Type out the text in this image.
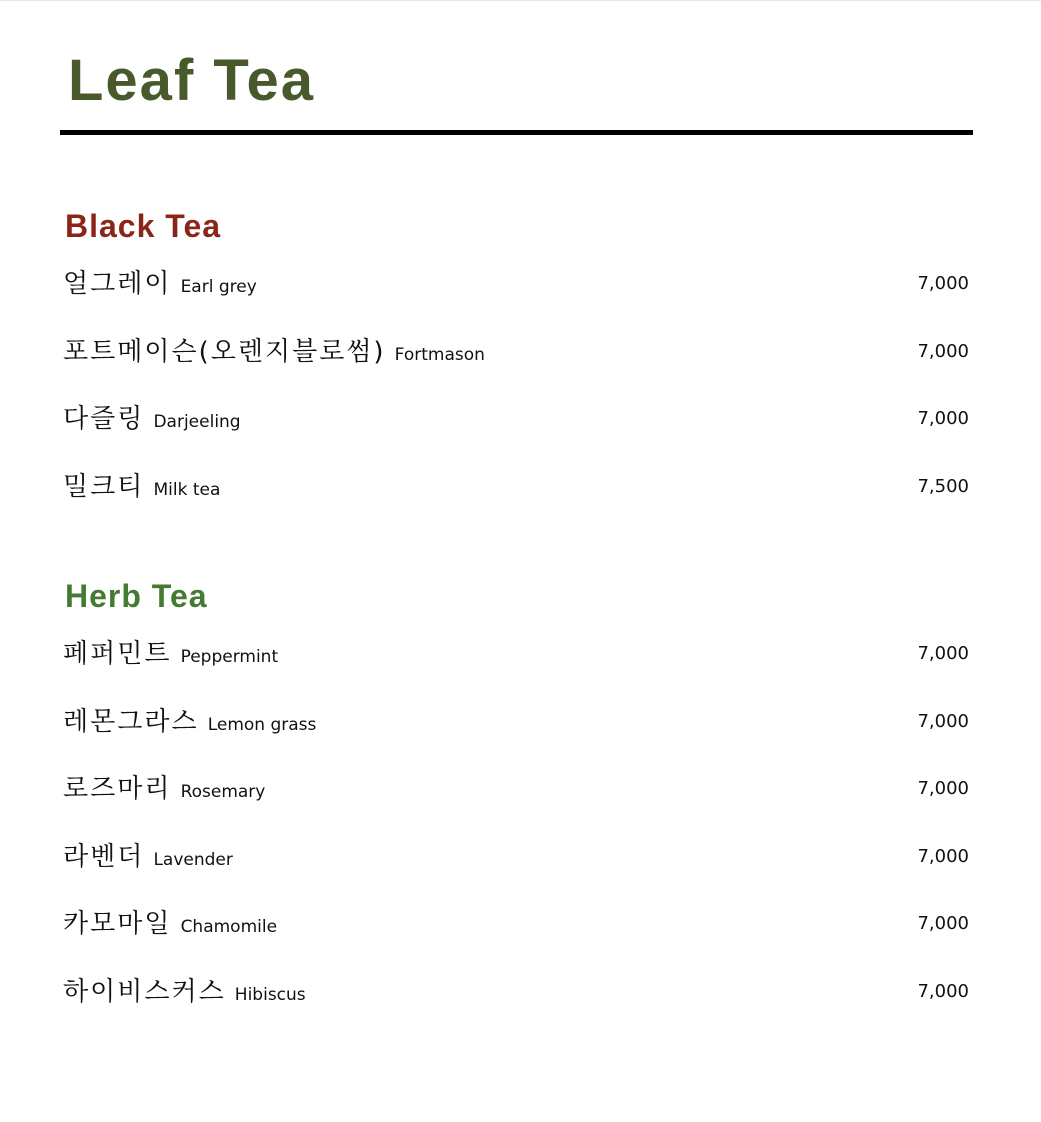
Leaf Tea
Black Tea
얼그레이 Earl grey	7,000
포트메이슨(오렌지블로썸) Fortmason	7,000
다즐링 Darjeeling	7,000
밀크티 Milk tea	7,500
Herb Tea
페퍼민트 Peppermint	7,000
레몬그라스 Lemon grass	7,000
로즈마리 Rosemary	7,000
라벤더 Lavender	7,000
카모마일 Chamomile	7,000
하이비스커스 Hibiscus	7,000
